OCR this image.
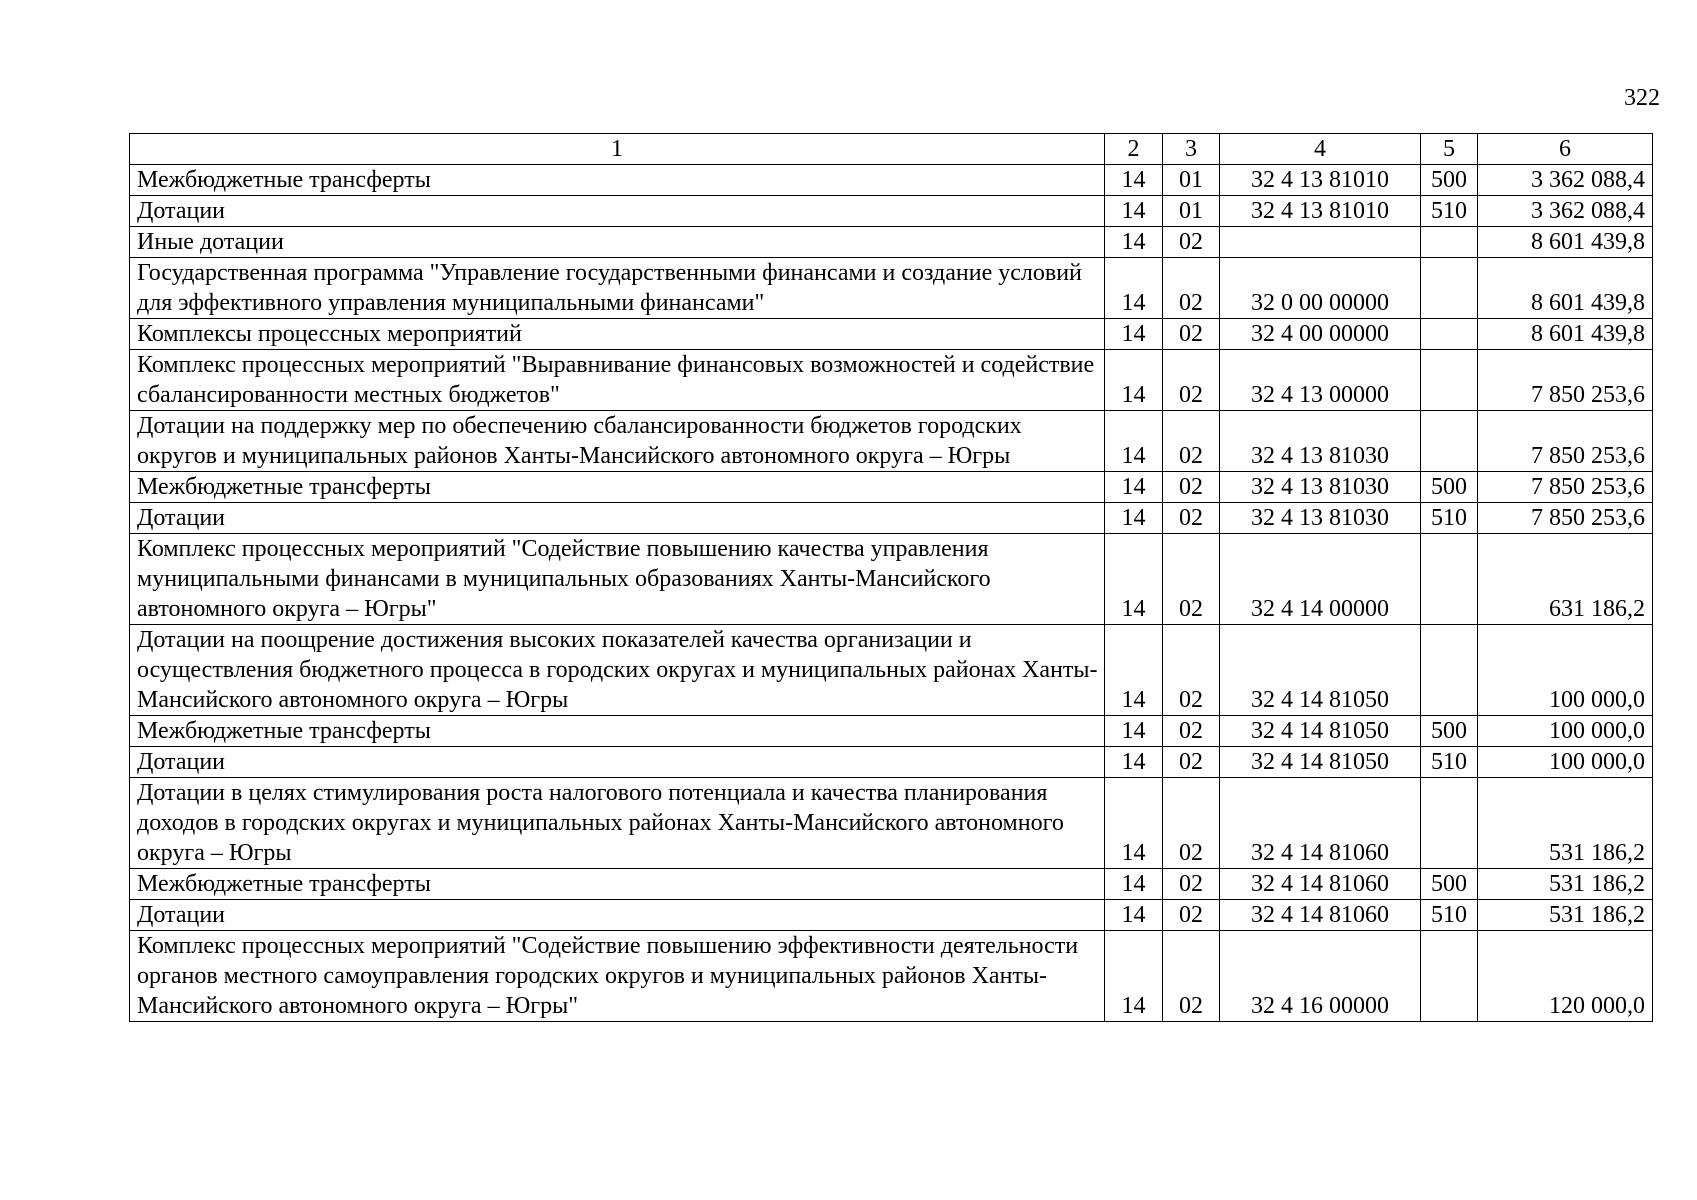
322
1	2	3	4	5	6
Межбюджетные трансферты	14	01	32 4 13 81010	500	3 362 088,4
Дотации	14	01	32 4 13 81010	510	3 362 088,4
Иные дотации	14	02			8 601 439,8
Государственная программа "Управление государственными финансами и создание условий для эффективного управления муниципальными финансами"	14	02	32 0 00 00000		8 601 439,8
Комплексы процессных мероприятий	14	02	32 4 00 00000		8 601 439,8
Комплекс процессных мероприятий "Выравнивание финансовых возможностей и содействие сбалансированности местных бюджетов"	14	02	32 4 13 00000		7 850 253,6
Дотации на поддержку мер по обеспечению сбалансированности бюджетов городских округов и муниципальных районов Ханты-Мансийского автономного округа – Югры	14	02	32 4 13 81030		7 850 253,6
Межбюджетные трансферты	14	02	32 4 13 81030	500	7 850 253,6
Дотации	14	02	32 4 13 81030	510	7 850 253,6
Комплекс процессных мероприятий "Содействие повышению качества управления муниципальными финансами в муниципальных образованиях Ханты-Мансийского автономного округа – Югры"	14	02	32 4 14 00000		631 186,2
Дотации на поощрение достижения высоких показателей качества организации и осуществления бюджетного процесса в городских округах и муниципальных районах Ханты-Мансийского автономного округа – Югры	14	02	32 4 14 81050		100 000,0
Межбюджетные трансферты	14	02	32 4 14 81050	500	100 000,0
Дотации	14	02	32 4 14 81050	510	100 000,0
Дотации в целях стимулирования роста налогового потенциала и качества планирования доходов в городских округах и муниципальных районах Ханты-Мансийского автономного округа – Югры	14	02	32 4 14 81060		531 186,2
Межбюджетные трансферты	14	02	32 4 14 81060	500	531 186,2
Дотации	14	02	32 4 14 81060	510	531 186,2
Комплекс процессных мероприятий "Содействие повышению эффективности деятельности органов местного самоуправления городских округов и муниципальных районов Ханты-Мансийского автономного округа – Югры"	14	02	32 4 16 00000		120 000,0
